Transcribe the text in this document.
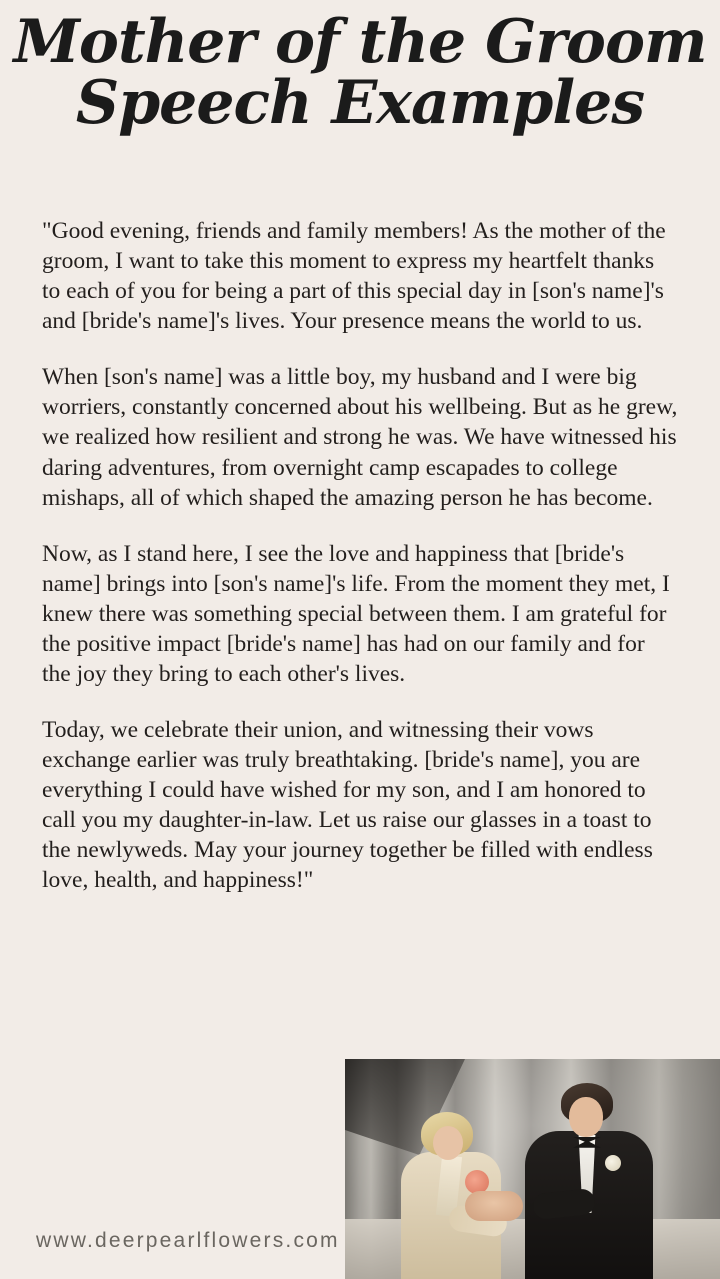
Mother of the Groom
Speech Examples

"Good evening, friends and family members! As the mother of the groom, I want to take this moment to express my heartfelt thanks to each of you for being a part of this special day in [son's name]'s and [bride's name]'s lives. Your presence means the world to us.

When [son's name] was a little boy, my husband and I were big worriers, constantly concerned about his wellbeing. But as he grew, we realized how resilient and strong he was. We have witnessed his daring adventures, from overnight camp escapades to college mishaps, all of which shaped the amazing person he has become.

Now, as I stand here, I see the love and happiness that [bride's name] brings into [son's name]'s life. From the moment they met, I knew there was something special between them. I am grateful for the positive impact [bride's name] has had on our family and for the joy they bring to each other's lives.

Today, we celebrate their union, and witnessing their vows exchange earlier was truly breathtaking. [bride's name], you are everything I could have wished for my son, and I am honored to call you my daughter-in-law. Let us raise our glasses in a toast to the newlyweds. May your journey together be filled with endless love, health, and happiness!"

www.deerpearlflowers.com
